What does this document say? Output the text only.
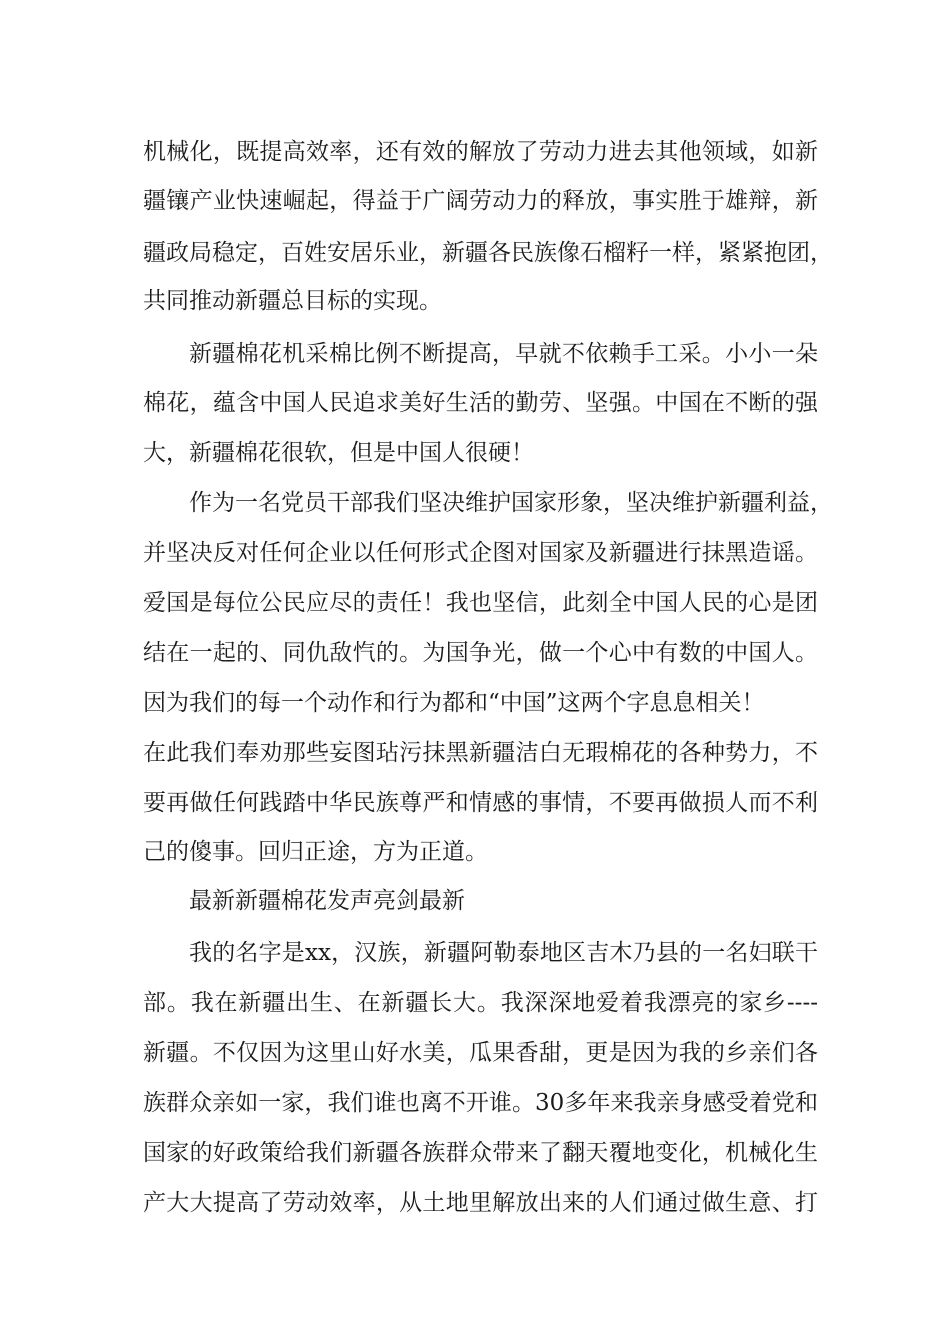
机械化，既提高效率，还有效的解放了劳动力进去其他领域，如新
疆镶产业快速崛起，得益于广阔劳动力的释放，事实胜于雄辩，新
疆政局稳定，百姓安居乐业，新疆各民族像石榴籽一样，紧紧抱团，
共同推动新疆总目标的实现。
新疆棉花机采棉比例不断提高，早就不依赖手工采。小小一朵
棉花，蕴含中国人民追求美好生活的勤劳、坚强。中国在不断的强
大，新疆棉花很软，但是中国人很硬！
作为一名党员干部我们坚决维护国家形象，坚决维护新疆利益，
并坚决反对任何企业以任何形式企图对国家及新疆进行抹黑造谣。
爱国是每位公民应尽的责任！我也坚信，此刻全中国人民的心是团
结在一起的、同仇敌忾的。为国争光，做一个心中有数的中国人。
因为我们的每一个动作和行为都和“中国”这两个字息息相关！
在此我们奉劝那些妄图玷污抹黑新疆洁白无瑕棉花的各种势力，不
要再做任何践踏中华民族尊严和情感的事情，不要再做损人而不利
己的傻事。回归正途，方为正道。
最新新疆棉花发声亮剑最新
我的名字是xx，汉族，新疆阿勒泰地区吉木乃县的一名妇联干
部。我在新疆出生、在新疆长大。我深深地爱着我漂亮的家乡----
新疆。不仅因为这里山好水美，瓜果香甜，更是因为我的乡亲们各
族群众亲如一家，我们谁也离不开谁。30多年来我亲身感受着党和
国家的好政策给我们新疆各族群众带来了翻天覆地变化，机械化生
产大大提高了劳动效率，从土地里解放出来的人们通过做生意、打
